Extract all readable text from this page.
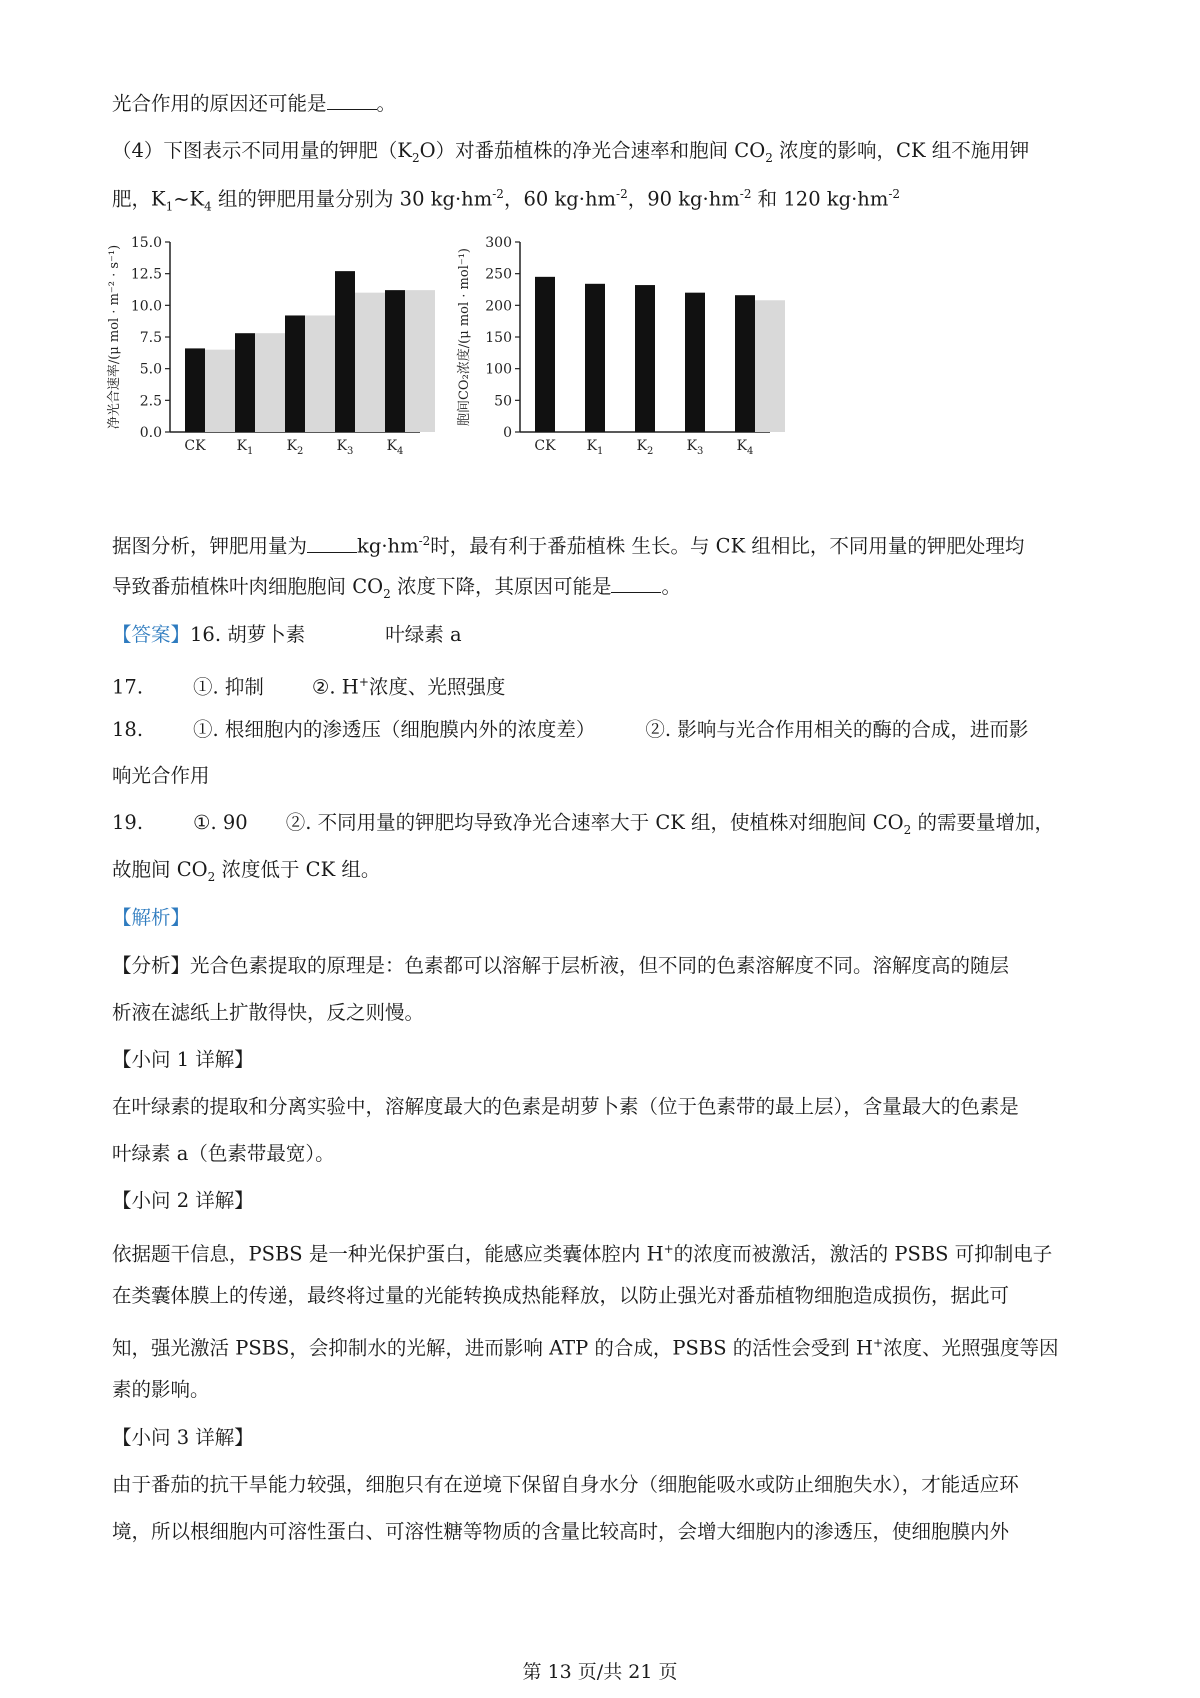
光合作用的原因还可能是	。
（4）下图表示不同用量的钾肥$(K_2O)$对番茄植株的净光合速率和胞间 $CO_2$ 浓度的影响，CK 组不施用钾
肥，$K_1\sim K_4$ 组的钾肥用量分别为 30 $kg\cdot hm^{-2}$，60 $kg\cdot hm^{-2}$，90 $kg\cdot hm^{-2}$ 和 120 $kg\cdot hm^{-2}$
15.0
12.5
10.0
7.5
5.0
2.5
0.0
净光合速率/(μ mol · m⁻² · s⁻¹)
CK $K_1$ $K_2$ $K_3$ $K_4$
300
250
200
150
100
50
0
胞间CO₂浓度/(μ mol · mol⁻¹)
CK $K_1$ $K_2$ $K_3$ $K_4$
据图分析，钾肥用量为	$kg\cdot hm^{-2}$时，最有利于番茄植株 生长。与 CK 组相比，不同用量的钾肥处理均
导致番茄植株叶肉细胞胞间 $CO_2$ 浓度下降，其原因可能是	。
【答案】16. 胡萝卜素	叶绿素 a
17.	①. 抑制 ②. H+浓度、光照强度
18.	①. 根细胞内的渗透压（细胞膜内外的浓度差）	②. 影响与光合作用相关的酶的合成，进而影
响光合作用
19.	①. 90 ②. 不同用量的钾肥均导致净光合速率大于 CK 组，使植株对细胞间 $CO_2$ 的需要量增加，
故胞间 $CO_2$ 浓度低于 CK 组。
【解析】
【分析】光合色素提取的原理是：色素都可以溶解于层析液，但不同的色素溶解度不同。溶解度高的随层
析液在滤纸上扩散得快，反之则慢。
【小问 1 详解】
在叶绿素的提取和分离实验中，溶解度最大的色素是胡萝卜素（位于色素带的最上层），含量最大的色素是
叶绿素 a（色素带最宽）。
【小问 2 详解】
依据题干信息，PSBS 是一种光保护蛋白，能感应类囊体腔内 H+的浓度而被激活，激活的 PSBS 可抑制电子
在类囊体膜上的传递，最终将过量的光能转换成热能释放，以防止强光对番茄植物细胞造成损伤，据此可
知，强光激活 PSBS，会抑制水的光解，进而影响 ATP 的合成，PSBS 的活性会受到 H+浓度、光照强度等因
素的影响。
【小问 3 详解】
由于番茄的抗干旱能力较强，细胞只有在逆境下保留自身水分（细胞能吸水或防止细胞失水），才能适应环
境，所以根细胞内可溶性蛋白、可溶性糖等物质的含量比较高时，会增大细胞内的渗透压，使细胞膜内外
第 13 页/共 21 页
